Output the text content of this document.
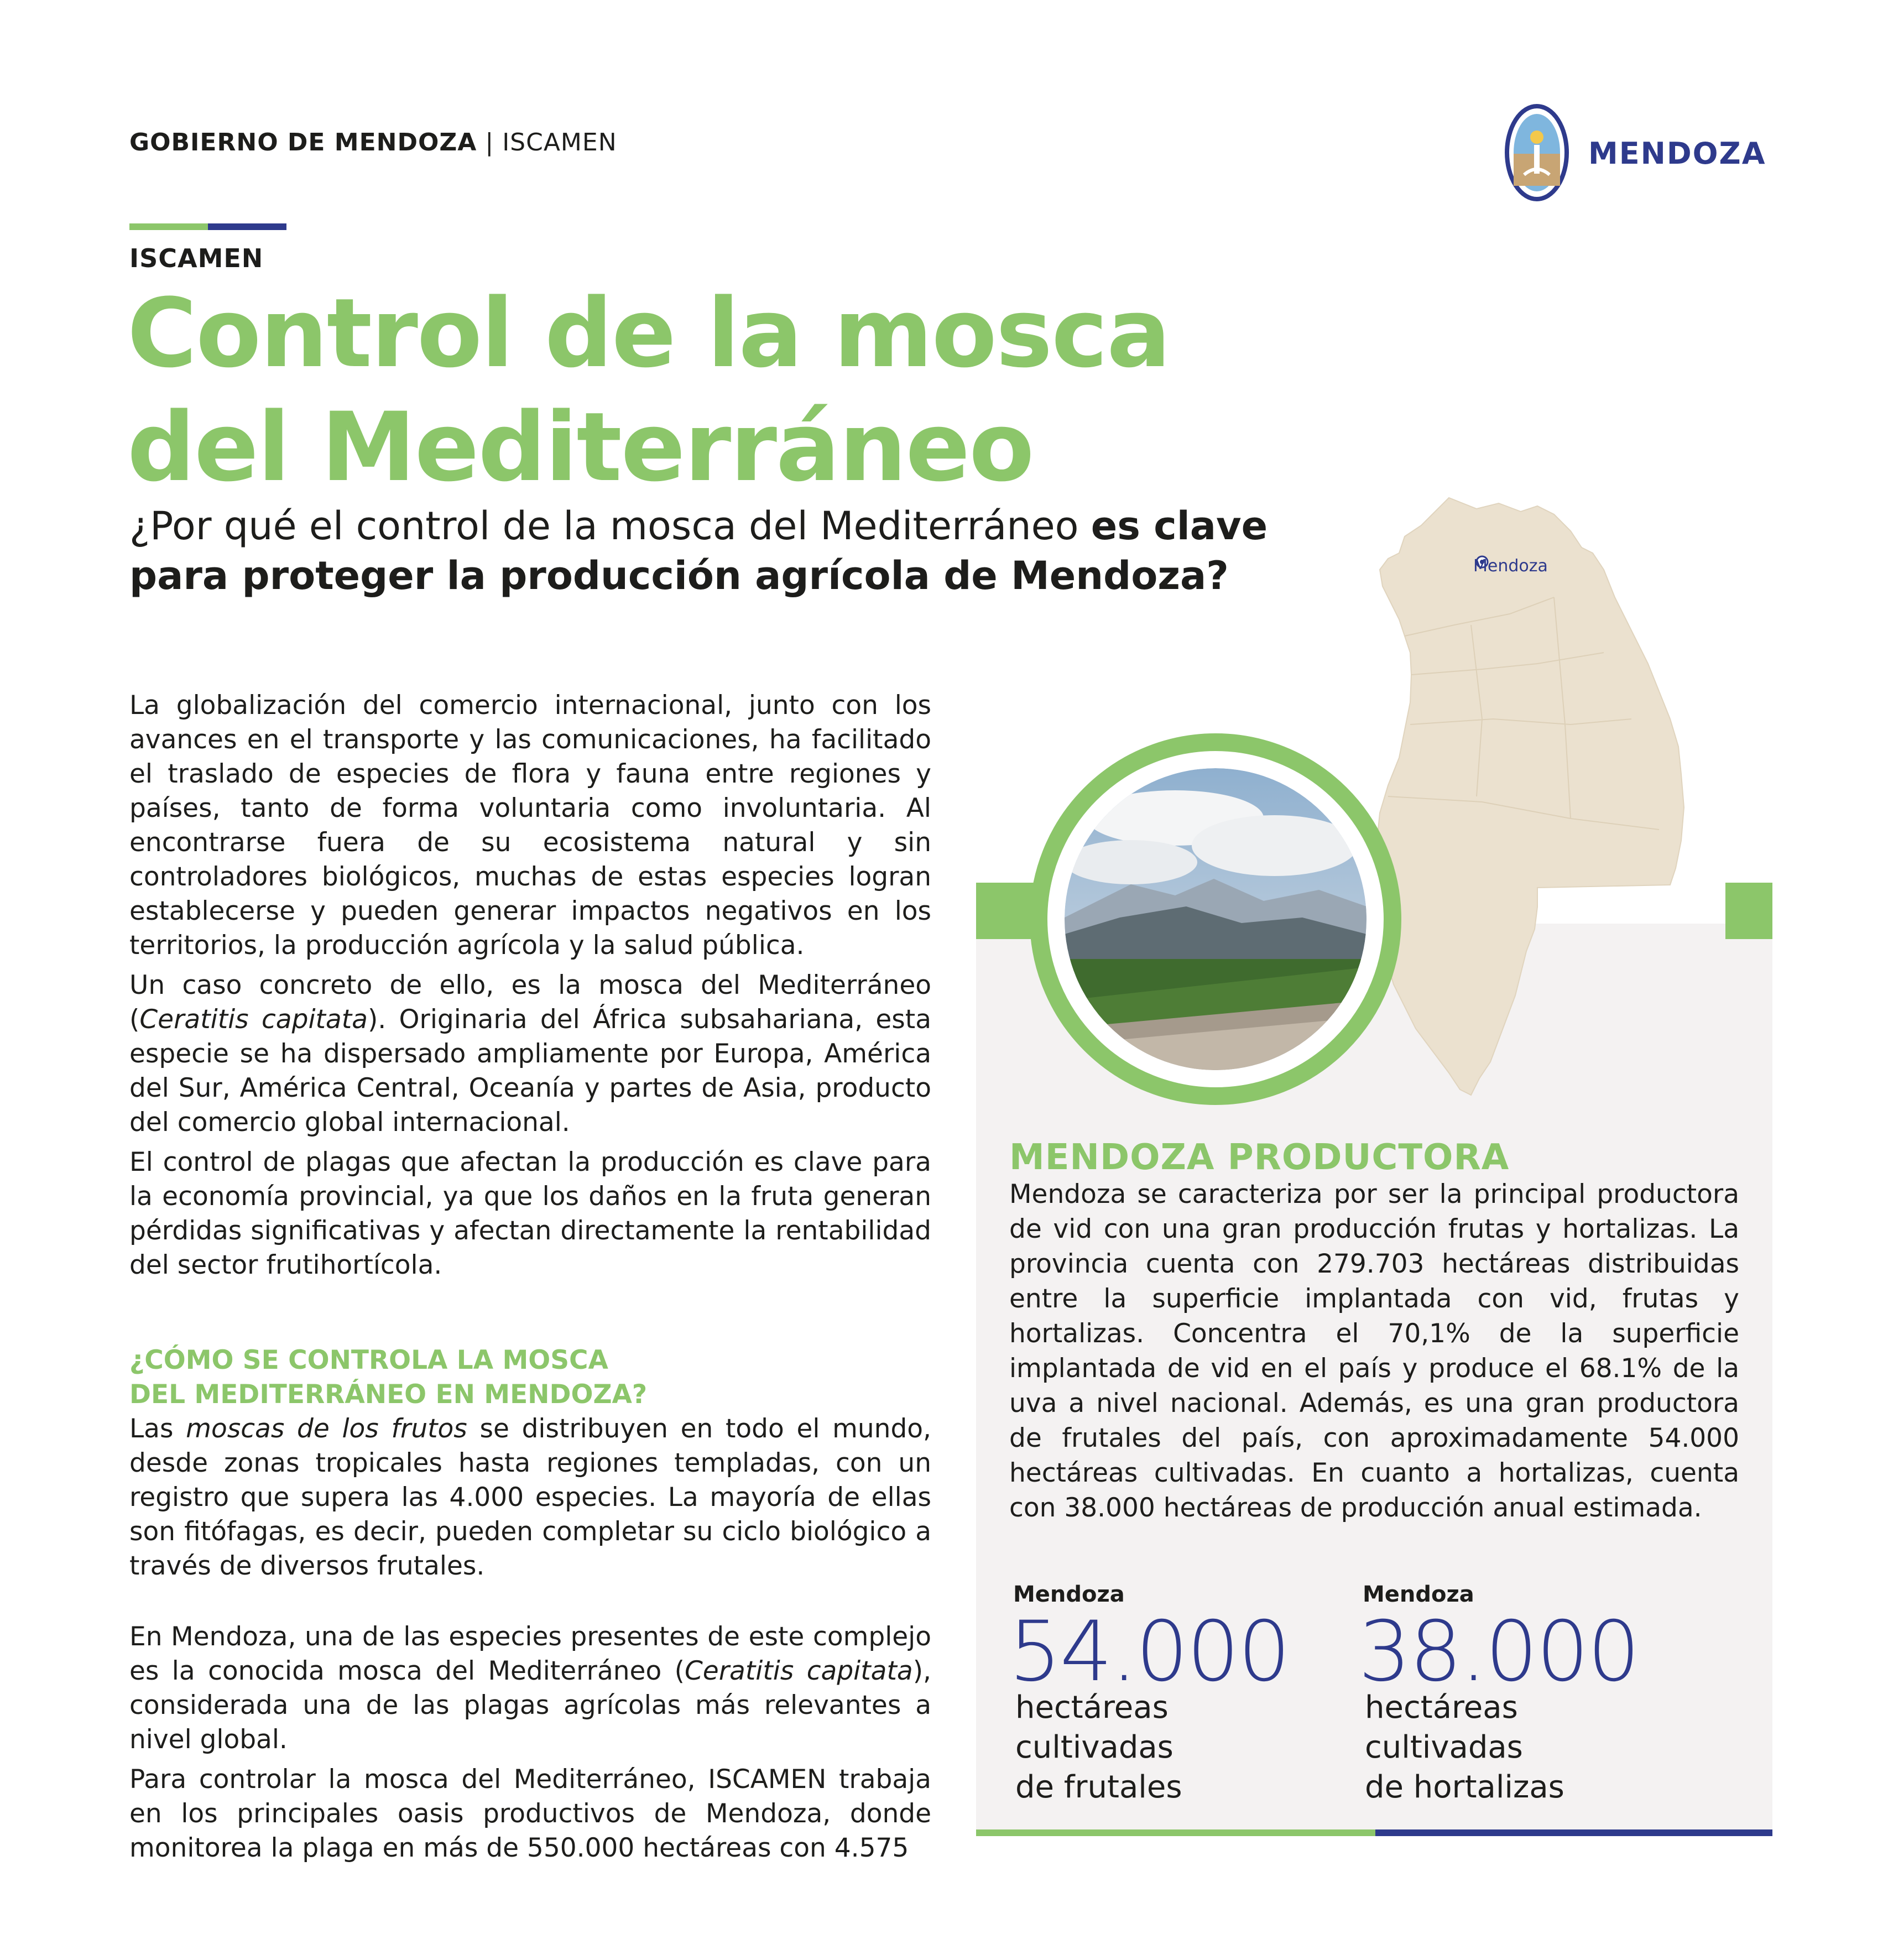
GOBIERNO DE MENDOZA | ISCAMEN	MENDOZA
ISCAMEN
Control de la mosca
del Mediterráneo
¿Por qué el control de la mosca del Mediterráneo es clave para proteger la producción agrícola de Mendoza?

La globalización del comercio internacional, junto con los avances en el transporte y las comunicaciones, ha facilitado el traslado de especies de flora y fauna entre regiones y países, tanto de forma voluntaria como involuntaria. Al encontrarse fuera de su ecosistema natural y sin controladores biológicos, muchas de estas especies logran establecerse y pueden generar impactos negativos en los territorios, la producción agrícola y la salud pública.

Un caso concreto de ello, es la mosca del Mediterráneo (Ceratitis capitata). Originaria del África subsahariana, esta especie se ha dispersado ampliamente por Europa, América del Sur, América Central, Oceanía y partes de Asia, producto del comercio global internacional.

El control de plagas que afectan la producción es clave para la economía provincial, ya que los daños en la fruta generan pérdidas significativas y afectan directamente la rentabilidad del sector frutihortícola.

¿CÓMO SE CONTROLA LA MOSCA
DEL MEDITERRÁNEO EN MENDOZA?

Las moscas de los frutos se distribuyen en todo el mundo, desde zonas tropicales hasta regiones templadas, con un registro que supera las 4.000 especies. La mayoría de ellas son fitófagas, es decir, pueden completar su ciclo biológico a través de diversos frutales.

En Mendoza, una de las especies presentes de este complejo es la conocida mosca del Mediterráneo (Ceratitis capitata), considerada una de las plagas agrícolas más relevantes a nivel global.

Para controlar la mosca del Mediterráneo, ISCAMEN trabaja en los principales oasis productivos de Mendoza, donde monitorea la plaga en más de 550.000 hectáreas con 4.575

Mendoza
MENDOZA PRODUCTORA
Mendoza se caracteriza por ser la principal productora de vid con una gran producción frutas y hortalizas. La provincia cuenta con 279.703 hectáreas distribuidas entre la superficie implantada con vid, frutas y hortalizas. Concentra el 70,1% de la superficie implantada de vid en el país y produce el 68.1% de la uva a nivel nacional. Además, es una gran productora de frutales del país, con aproximadamente 54.000 hectáreas cultivadas. En cuanto a hortalizas, cuenta con 38.000 hectáreas de producción anual estimada.
Mendoza
54.000
hectáreas cultivadas
de frutales
Mendoza
38.000
hectáreas cultivadas
de hortalizas
